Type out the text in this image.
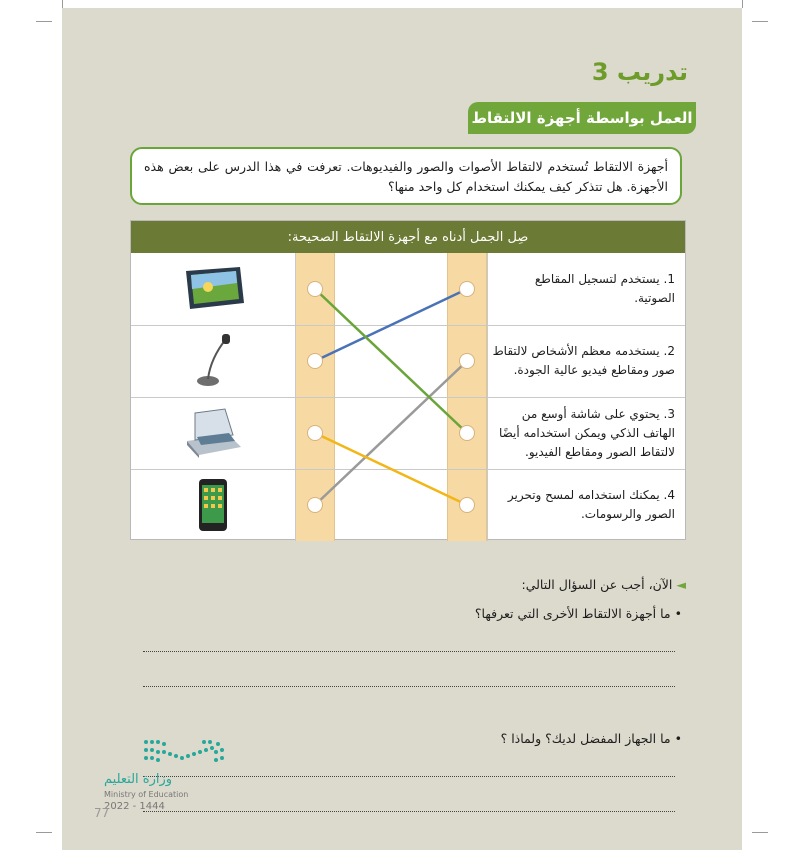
تدريب 3
العمل بواسطة أجهزة الالتقاط
أجهزة الالتقاط تُستخدم لالتقاط الأصوات والصور والفيديوهات. تعرفت في هذا الدرس على بعض هذه الأجهزة. هل تتذكر كيف يمكنك استخدام كل واحد منها؟
صِل الجمل أدناه مع أجهزة الالتقاط الصحيحة:
1. يستخدم لتسجيل المقاطع الصوتية.
2. يستخدمه معظم الأشخاص لالتقاط صور ومقاطع فيديو عالية الجودة.
3. يحتوي على شاشة أوسع من الهاتف الذكي ويمكن استخدامه أيضًا لالتقاط الصور ومقاطع الفيديو.
4. يمكنك استخدامه لمسح وتحرير الصور والرسومات.
◄ الآن، أجب عن السؤال التالي:
• ما أجهزة الالتقاط الأخرى التي تعرفها؟
• ما الجهاز المفضل لديك؟ ولماذا ؟
وزارة التعليم
Ministry of Education
2022 - 1444
77
